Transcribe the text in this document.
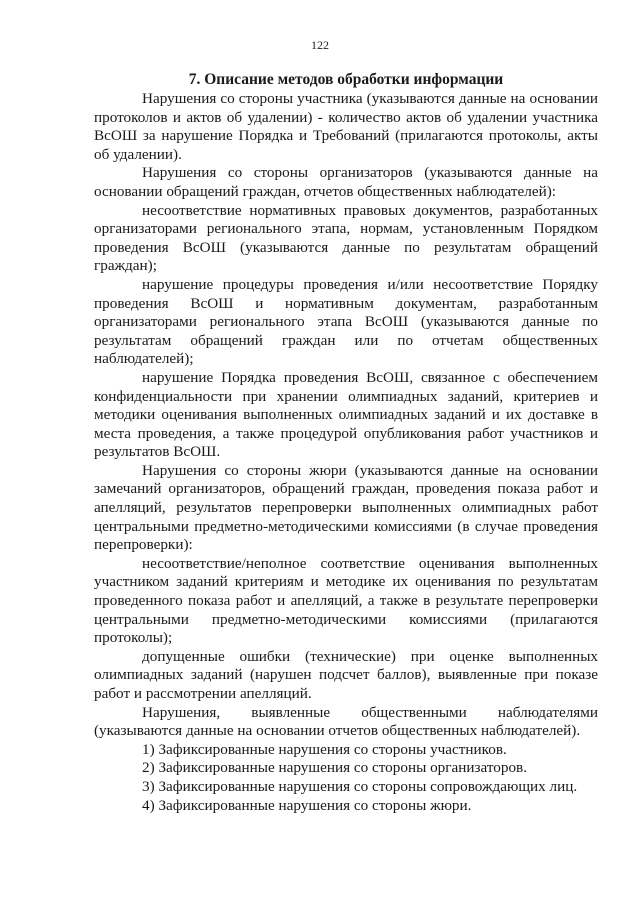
122
7. Описание методов обработки информации

Нарушения со стороны участника (указываются данные на основании протоколов и актов об удалении) - количество актов об удалении участника ВсОШ за нарушение Порядка и Требований (прилагаются протоколы, акты об удалении).

Нарушения со стороны организаторов (указываются данные на основании обращений граждан, отчетов общественных наблюдателей):

несоответствие нормативных правовых документов, разработанных организаторами регионального этапа, нормам, установленным Порядком проведения ВсОШ (указываются данные по результатам обращений граждан);

нарушение процедуры проведения и/или несоответствие Порядку проведения ВсОШ и нормативным документам, разработанным организаторами регионального этапа ВсОШ (указываются данные по результатам обращений граждан или по отчетам общественных наблюдателей);

нарушение Порядка проведения ВсОШ, связанное с обеспечением конфиденциальности при хранении олимпиадных заданий, критериев и методики оценивания выполненных олимпиадных заданий и их доставке в места проведения, а также процедурой опубликования работ участников и результатов ВсОШ.

Нарушения со стороны жюри (указываются данные на основании замечаний организаторов, обращений граждан, проведения показа работ и апелляций, результатов перепроверки выполненных олимпиадных работ центральными предметно-методическими комиссиями (в случае проведения перепроверки):

несоответствие/неполное соответствие оценивания выполненных участником заданий критериям и методике их оценивания по результатам проведенного показа работ и апелляций, а также в результате перепроверки центральными предметно-методическими комиссиями (прилагаются протоколы);

допущенные ошибки (технические) при оценке выполненных олимпиадных заданий (нарушен подсчет баллов), выявленные при показе работ и рассмотрении апелляций.

Нарушения, выявленные общественными наблюдателями (указываются данные на основании отчетов общественных наблюдателей).

1) Зафиксированные нарушения со стороны участников.
2) Зафиксированные нарушения со стороны организаторов.
3) Зафиксированные нарушения со стороны сопровождающих лиц.
4) Зафиксированные нарушения со стороны жюри.
